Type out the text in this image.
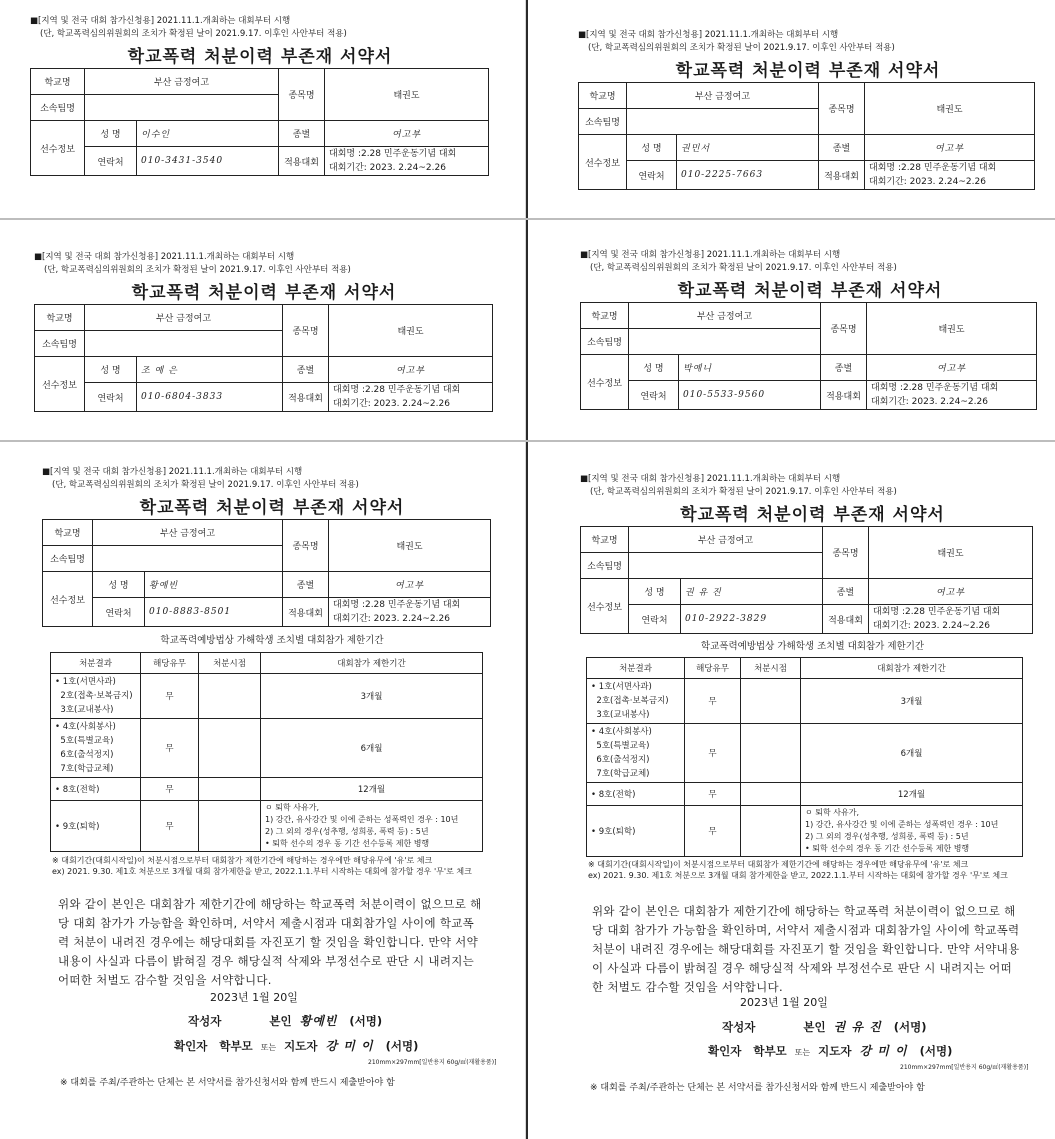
■[지역 및 전국 대회 참가신청용] 2021.11.1.개최하는 대회부터 시행
(단, 학교폭력심의위원회의 조치가 확정된 날이 2021.9.17. 이후인 사안부터 적용)
학교폭력 처분이력 부존재 서약서
학교명	부산 금정여고		종목명	태권도
소속팀명				
선수정보	성 명	이수인	종별	여고부
	연락처	010-3431-3540	적용대회	대회명 :2.28 민주운동기념 대회
대회기간: 2023. 2.24~2.26
■[지역 및 전국 대회 참가신청용] 2021.11.1.개최하는 대회부터 시행
(단, 학교폭력심의위원회의 조치가 확정된 날이 2021.9.17. 이후인 사안부터 적용)
학교폭력 처분이력 부존재 서약서
학교명	부산 금정여고		종목명	태권도
소속팀명				
선수정보	성 명	권민서	종별	여고부
	연락처	010-2225-7663	적용대회	대회명 :2.28 민주운동기념 대회
대회기간: 2023. 2.24~2.26
■[지역 및 전국 대회 참가신청용] 2021.11.1.개최하는 대회부터 시행
(단, 학교폭력심의위원회의 조치가 확정된 날이 2021.9.17. 이후인 사안부터 적용)
학교폭력 처분이력 부존재 서약서
학교명	부산 금정여고		종목명	태권도
소속팀명				
선수정보	성 명	조 예 은	종별	여고부
	연락처	010-6804-3833	적용대회	대회명 :2.28 민주운동기념 대회
대회기간: 2023. 2.24~2.26
■[지역 및 전국 대회 참가신청용] 2021.11.1.개최하는 대회부터 시행
(단, 학교폭력심의위원회의 조치가 확정된 날이 2021.9.17. 이후인 사안부터 적용)
학교폭력 처분이력 부존재 서약서
학교명	부산 금정여고		종목명	태권도
소속팀명				
선수정보	성 명	박예니	종별	여고부
	연락처	010-5533-9560	적용대회	대회명 :2.28 민주운동기념 대회
대회기간: 2023. 2.24~2.26
■[지역 및 전국 대회 참가신청용] 2021.11.1.개최하는 대회부터 시행
(단, 학교폭력심의위원회의 조치가 확정된 날이 2021.9.17. 이후인 사안부터 적용)
학교폭력 처분이력 부존재 서약서
학교명	부산 금정여고		종목명	태권도
소속팀명				
선수정보	성 명	황예빈	종별	여고부
	연락처	010-8883-8501	적용대회	대회명 :2.28 민주운동기념 대회
대회기간: 2023. 2.24~2.26
학교폭력예방법상 가해학생 조치별 대회참가 제한기간
처분결과	해당유무	처분시점	대회참가 제한기간
• 1호(서면사과)
2호(접촉·보복금지)
3호(교내봉사)	무		3개월
• 4호(사회봉사)
5호(특별교육)
6호(출석정지)
7호(학급교체)	무		6개월
• 8호(전학)	무		12개월
• 9호(퇴학)	무		ㅇ 퇴학 사유가,
1) 강간, 유사강간 및 이에 준하는 성폭력인 경우 : 10년
2) 그 외의 경우(성추행, 성희롱, 폭력 등) : 5년
• 퇴학 선수의 경우 동 기간 선수등록 제한 병행
※ 대회기간(대회시작일)이 처분시점으로부터 대회참가 제한기간에 해당하는 경우에만 해당유무에 '유'로 체크
ex) 2021. 9.30. 제1호 처분으로 3개월 대회 참가제한을 받고, 2022.1.1.부터 시작하는 대회에 참가할 경우 '무'로 체크
위와 같이 본인은 대회참가 제한기간에 해당하는 학교폭력 처분이력이 없으므로 해당 대회 참가가 가능함을 확인하며, 서약서 제출시점과 대회참가일 사이에 학교폭력 처분이 내려진 경우에는 해당대회를 자진포기 할 것임을 확인합니다. 만약 서약내용이 사실과 다름이 밝혀질 경우 해당실적 삭제와 부정선수로 판단 시 내려지는 어떠한 처벌도 감수할 것임을 서약합니다.
2023년 1월 20일
작성자	본인 황예빈 (서명)
확인자 학부모 또는 지도자 강 미 이 (서명)
210mm×297mm[일반용지 60g/㎡(재활용품)]
※ 대회를 주최/주관하는 단체는 본 서약서를 참가신청서와 함께 반드시 제출받아야 함
■[지역 및 전국 대회 참가신청용] 2021.11.1.개최하는 대회부터 시행
(단, 학교폭력심의위원회의 조치가 확정된 날이 2021.9.17. 이후인 사안부터 적용)
학교폭력 처분이력 부존재 서약서
학교명	부산 금정여고		종목명	태권도
소속팀명				
선수정보	성 명	권 유 진	종별	여고부
	연락처	010-2922-3829	적용대회	대회명 :2.28 민주운동기념 대회
대회기간: 2023. 2.24~2.26
학교폭력예방법상 가해학생 조치별 대회참가 제한기간
처분결과	해당유무	처분시점	대회참가 제한기간
• 1호(서면사과)
2호(접촉·보복금지)
3호(교내봉사)	무		3개월
• 4호(사회봉사)
5호(특별교육)
6호(출석정지)
7호(학급교체)	무		6개월
• 8호(전학)	무		12개월
• 9호(퇴학)	무		ㅇ 퇴학 사유가,
1) 강간, 유사강간 및 이에 준하는 성폭력인 경우 : 10년
2) 그 외의 경우(성추행, 성희롱, 폭력 등) : 5년
• 퇴학 선수의 경우 동 기간 선수등록 제한 병행
※ 대회기간(대회시작일)이 처분시점으로부터 대회참가 제한기간에 해당하는 경우에만 해당유무에 '유'로 체크
ex) 2021. 9.30. 제1호 처분으로 3개월 대회 참가제한을 받고, 2022.1.1.부터 시작하는 대회에 참가할 경우 '무'로 체크
위와 같이 본인은 대회참가 제한기간에 해당하는 학교폭력 처분이력이 없으므로 해당 대회 참가가 가능함을 확인하며, 서약서 제출시점과 대회참가일 사이에 학교폭력 처분이 내려진 경우에는 해당대회를 자진포기 할 것임을 확인합니다. 만약 서약내용이 사실과 다름이 밝혀질 경우 해당실적 삭제와 부정선수로 판단 시 내려지는 어떠한 처벌도 감수할 것임을 서약합니다.
2023년 1월 20일
작성자	본인 권 유 진 (서명)
확인자 학부모 또는 지도자 강 미 이 (서명)
210mm×297mm[일반용지 60g/㎡(재활용품)]
※ 대회를 주최/주관하는 단체는 본 서약서를 참가신청서와 함께 반드시 제출받아야 함
